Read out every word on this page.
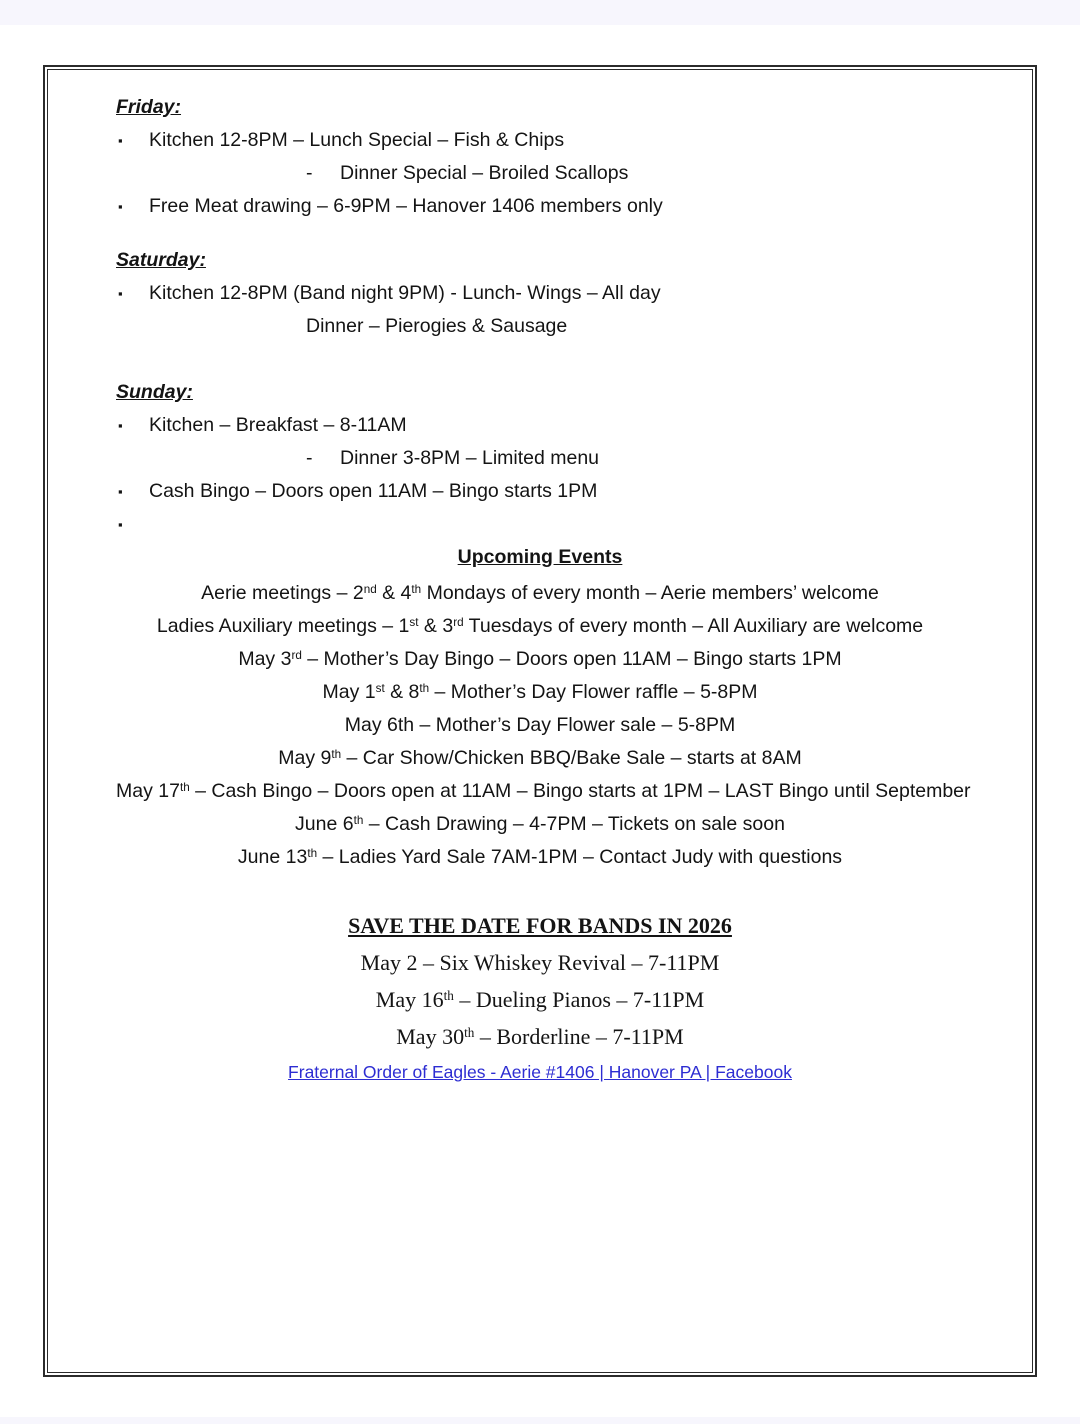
Friday:
▪ Kitchen 12-8PM – Lunch Special – Fish & Chips
-	Dinner Special – Broiled Scallops
▪ Free Meat drawing – 6-9PM – Hanover 1406 members only
Saturday:
▪ Kitchen 12-8PM (Band night 9PM) - Lunch- Wings – All day
Dinner – Pierogies & Sausage
Sunday:
▪ Kitchen – Breakfast – 8-11AM
-	Dinner 3-8PM – Limited menu
▪ Cash Bingo – Doors open 11AM – Bingo starts 1PM
▪
Upcoming Events
Aerie meetings – 2nd & 4th Mondays of every month – Aerie members’ welcome
Ladies Auxiliary meetings – 1st & 3rd Tuesdays of every month – All Auxiliary are welcome
May 3rd – Mother’s Day Bingo – Doors open 11AM – Bingo starts 1PM
May 1st & 8th – Mother’s Day Flower raffle – 5-8PM
May 6th – Mother’s Day Flower sale – 5-8PM
May 9th – Car Show/Chicken BBQ/Bake Sale – starts at 8AM
May 17th – Cash Bingo – Doors open at 11AM – Bingo starts at 1PM – LAST Bingo until September
June 6th – Cash Drawing – 4-7PM – Tickets on sale soon
June 13th – Ladies Yard Sale 7AM-1PM – Contact Judy with questions
SAVE THE DATE FOR BANDS IN 2026
May 2 – Six Whiskey Revival – 7-11PM
May 16th – Dueling Pianos – 7-11PM
May 30th – Borderline – 7-11PM
Fraternal Order of Eagles - Aerie #1406 | Hanover PA | Facebook
